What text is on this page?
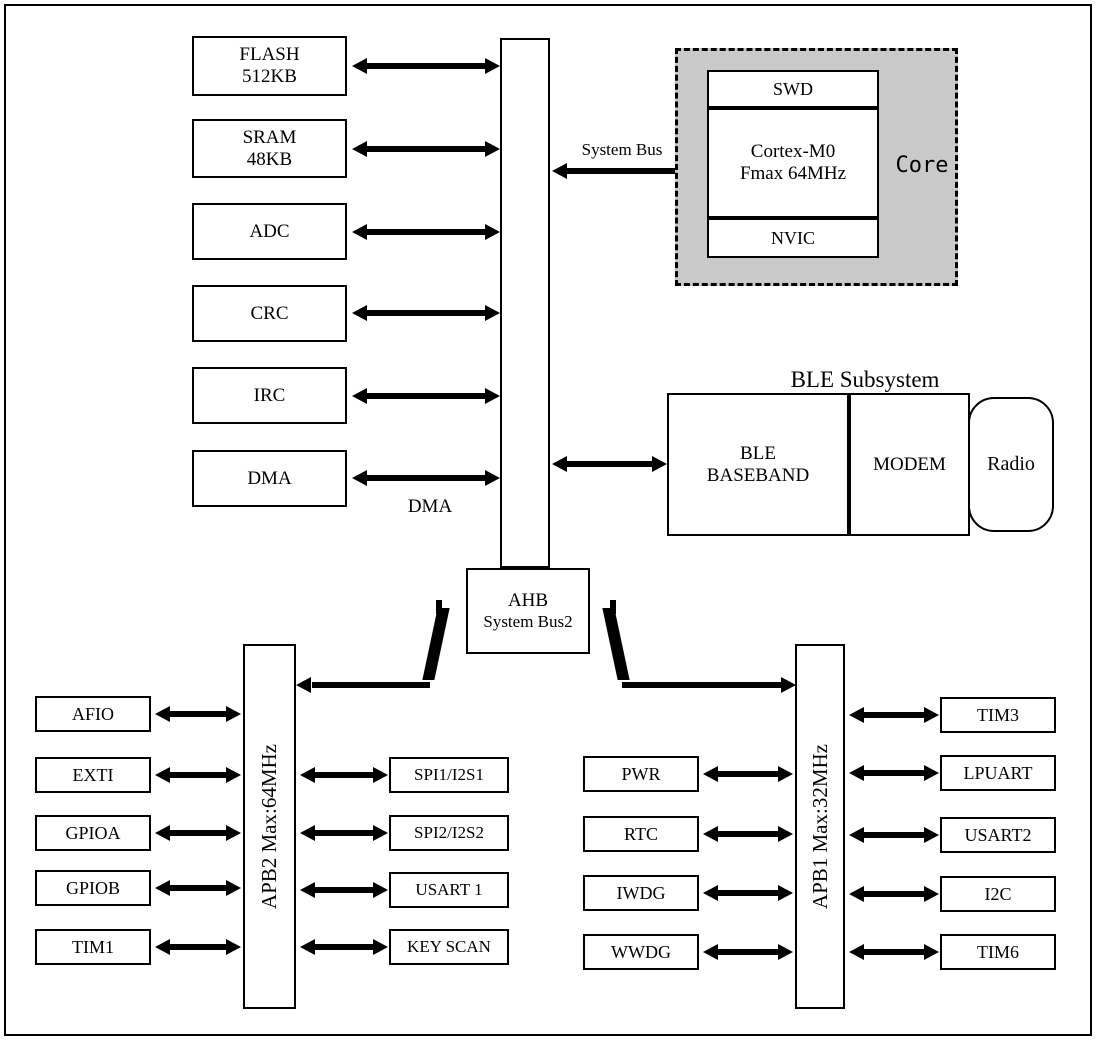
FLASH
512KB
SRAM
48KB
ADC
CRC
IRC
DMA
DMA
System Bus
Core
SWD
Cortex-M0
Fmax 64MHz
NVIC
BLE Subsystem
BLE
BASEBAND
MODEM Radio
AHB
System Bus2
APB2 Max:64MHz
AFIO
EXTI
GPIOA
GPIOB
TIM1
SPI1/I2S1
SPI2/I2S2
USART 1
KEY SCAN
APB1 Max:32MHz
PWR
RTC
IWDG
WWDG
TIM3
LPUART
USART2
I2C
TIM6
